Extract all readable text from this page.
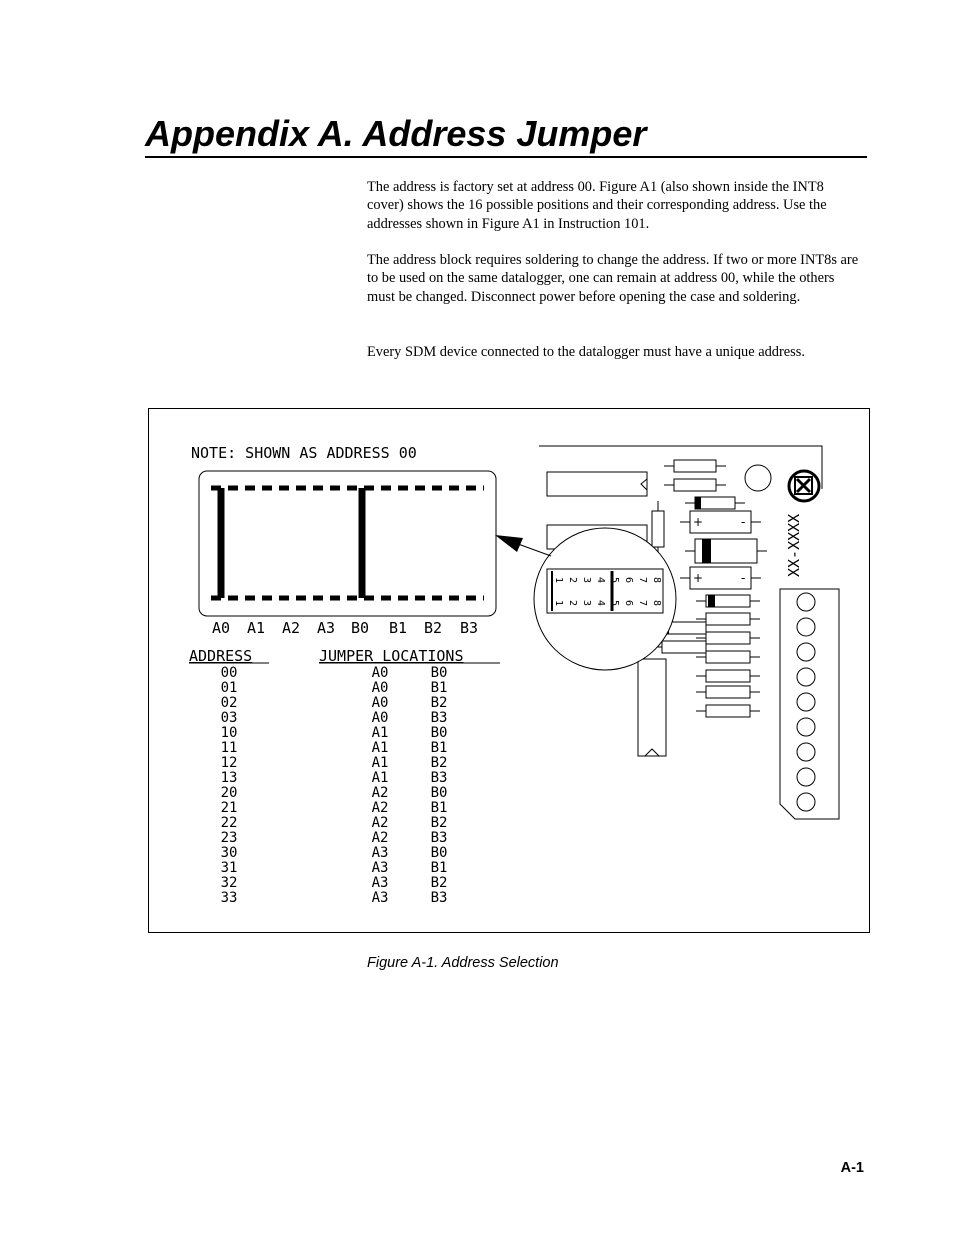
Appendix A. Address Jumper

The address is factory set at address 00. Figure A1 (also shown inside the INT8 cover) shows the 16 possible positions and their corresponding address. Use the addresses shown in Figure A1 in Instruction 101.

The address block requires soldering to change the address. If two or more INT8s are to be used on the same datalogger, one can remain at address 00, while the others must be changed. Disconnect power before opening the case and soldering.

Every SDM device connected to the datalogger must have a unique address.

NOTE: SHOWN AS ADDRESS 00
A0 A1 A2 A3 B0 B1 B2 B3
ADDRESS	JUMPER LOCATIONS
00	A0	B0
01	A0	B1
02	A0	B2
03	A0	B3
10	A1	B0
11	A1	B1
12	A1	B2
13	A1	B3
20	A2	B0
21	A2	B1
22	A2	B2
23	A2	B3
30	A3	B0
31	A3	B1
32	A3	B2
33	A3	B3
+	-
+	-
XX-XXXX
8
8
7
7
6
6
5
5
4
4
3
3
2
2
1
1

Figure A-1. Address Selection

A-1
